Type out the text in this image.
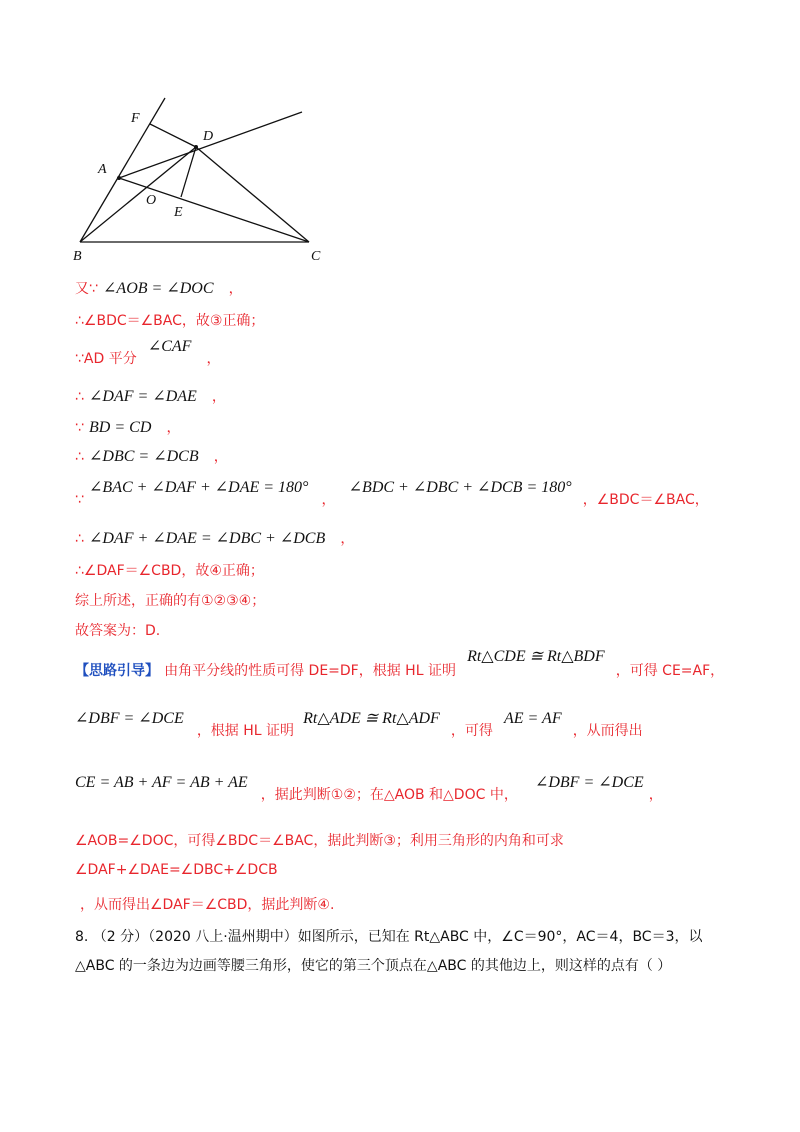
F
D
A
O
E
B	C
又∵ ∠AOB = ∠DOC ，
∴∠BDC＝∠BAC，故③正确；
∵AD 平分 ∠CAF ，
∴ ∠DAF = ∠DAE ，
∵ BD = CD ，
∴ ∠DBC = ∠DCB ，
∵ ∠BAC + ∠DAF + ∠DAE = 180° ， ∠BDC + ∠DBC + ∠DCB = 180° ，∠BDC＝∠BAC，
∴ ∠DAF + ∠DAE = ∠DBC + ∠DCB ，
∴∠DAF＝∠CBD，故④正确；
综上所述，正确的有①②③④；
故答案为：D.
【思路引导】 由角平分线的性质可得 DE=DF，根据 HL 证明 Rt△CDE ≅ Rt△BDF ，可得 CE=AF，
∠DBF = ∠DCE ，根据 HL 证明 Rt△ADE ≅ Rt△ADF ，可得 AE = AF ，从而得出
CE = AB + AF = AB + AE ，据此判断①②；在△AOB 和△DOC 中， ∠DBF = ∠DCE ，
∠AOB=∠DOC，可得∠BDC＝∠BAC，据此判断③；利用三角形的内角和可求
∠DAF+∠DAE=∠DBC+∠DCB
，从而得出∠DAF＝∠CBD，据此判断④.
8. （2 分）（2020 八上·温州期中）如图所示，已知在 Rt△ABC 中，∠C＝90°，AC＝4，BC＝3，以
△ABC 的一条边为边画等腰三角形，使它的第三个顶点在△ABC 的其他边上，则这样的点有（ ）
